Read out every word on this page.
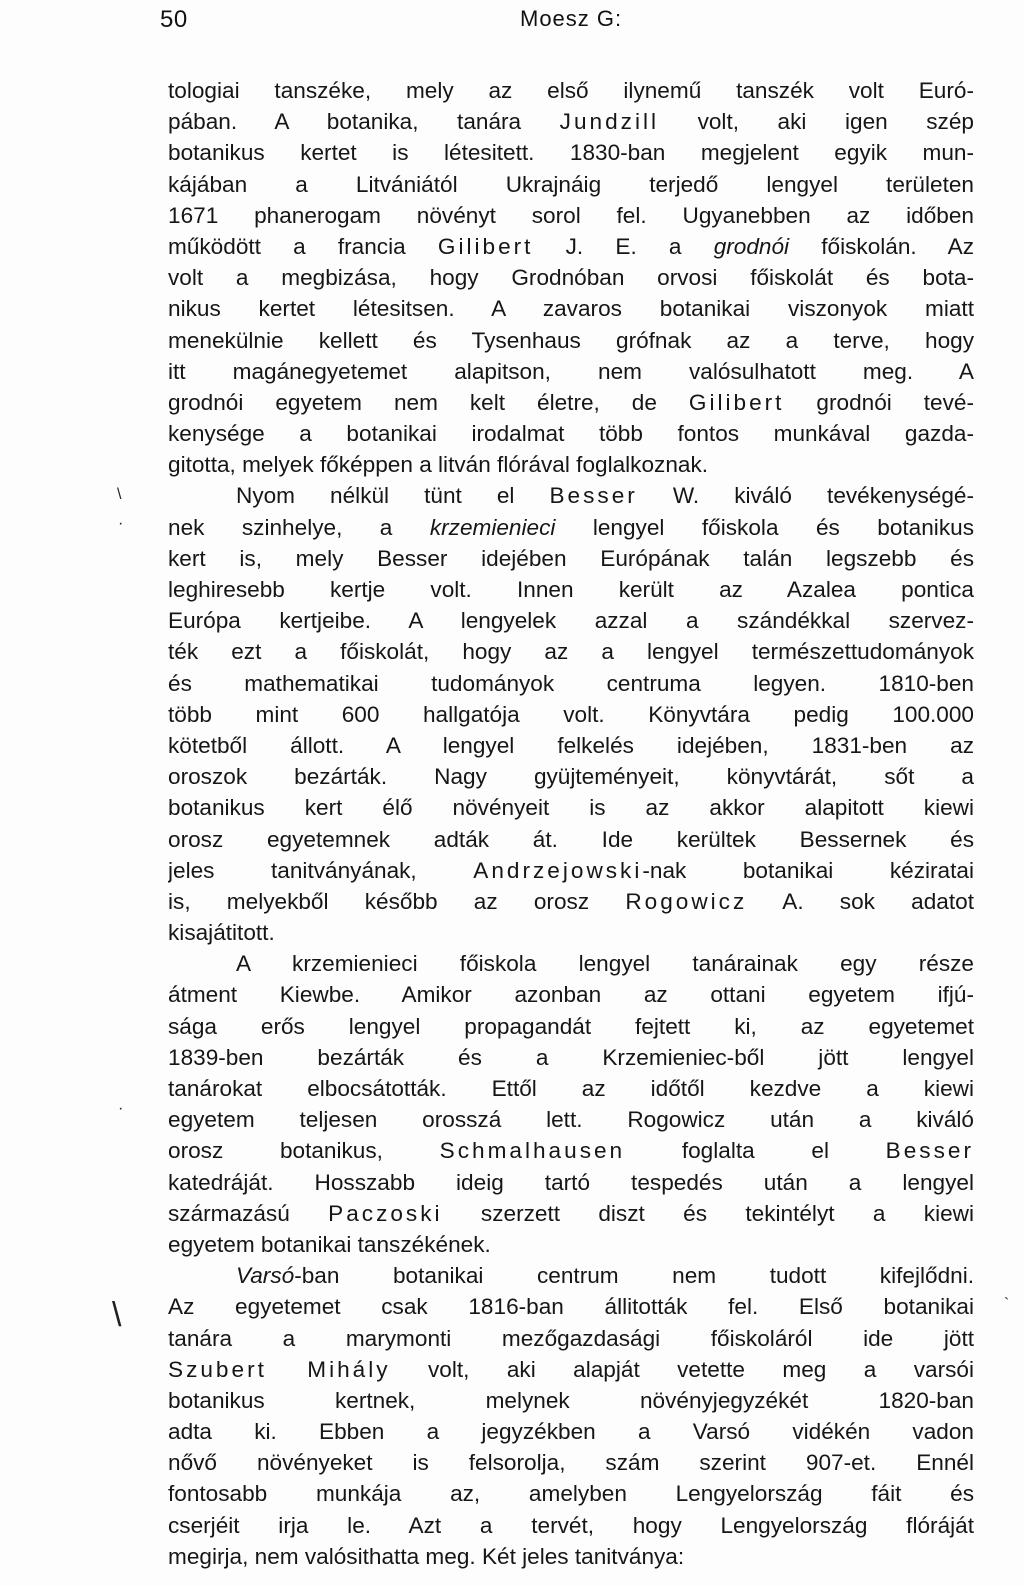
50	Moesz G:
tologiai tanszéke, mely az első ilynemű tanszék volt Euró-
pában. A botanika, tanára Jundzill volt, aki igen szép
botanikus kertet is létesitett. 1830-ban megjelent egyik mun-
kájában a Litvániától Ukrajnáig terjedő lengyel területen
1671 phanerogam növényt sorol fel. Ugyanebben az időben
működött a francia Gilibert J. E. a grodnói főiskolán. Az
volt a megbizása, hogy Grodnóban orvosi főiskolát és bota-
nikus kertet létesitsen. A zavaros botanikai viszonyok miatt
menekülnie kellett és Tysenhaus grófnak az a terve, hogy
itt magánegyetemet alapitson, nem valósulhatott meg. A
grodnói egyetem nem kelt életre, de Gilibert grodnói tevé-
kenysége a botanikai irodalmat több fontos munkával gazda-
gitotta, melyek főképpen a litván flórával foglalkoznak.
Nyom nélkül tünt el Besser W. kiváló tevékenységé-
nek szinhelye, a krzemienieci lengyel főiskola és botanikus
kert is, mely Besser idejében Európának talán legszebb és
leghiresebb kertje volt. Innen került az Azalea pontica
Európa kertjeibe. A lengyelek azzal a szándékkal szervez-
ték ezt a főiskolát, hogy az a lengyel természettudományok
és mathematikai tudományok centruma legyen. 1810-ben
több mint 600 hallgatója volt. Könyvtára pedig 100.000
kötetből állott. A lengyel felkelés idejében, 1831-ben az
oroszok bezárták. Nagy gyüjteményeit, könyvtárát, sőt a
botanikus kert élő növényeit is az akkor alapitott kiewi
orosz egyetemnek adták át. Ide kerültek Bessernek és
jeles tanitványának, Andrzejowski-nak botanikai kéziratai
is, melyekből később az orosz Rogowicz A. sok adatot
kisajátitott.
A krzemienieci főiskola lengyel tanárainak egy része
átment Kiewbe. Amikor azonban az ottani egyetem ifjú-
sága erős lengyel propagandát fejtett ki, az egyetemet
1839-ben bezárták és a Krzemieniec-ből jött lengyel
tanárokat elbocsátották. Ettől az időtől kezdve a kiewi
egyetem teljesen orosszá lett. Rogowicz után a kiváló
orosz botanikus, Schmalhausen foglalta el Besser
katedráját. Hosszabb ideig tartó tespedés után a lengyel
származású Paczoski szerzett diszt és tekintélyt a kiewi
egyetem botanikai tanszékének.
Varsó-ban botanikai centrum nem tudott kifejlődni.
Az egyetemet csak 1816-ban állitották fel. Első botanikai
tanára a marymonti mezőgazdasági főiskoláról ide jött
Szubert Mihály volt, aki alapját vetette meg a varsói
botanikus kertnek, melynek növényjegyzékét 1820-ban
adta ki. Ebben a jegyzékben a Varsó vidékén vadon
nővő növényeket is felsorolja, szám szerint 907-et. Ennél
fontosabb munkája az, amelyben Lengyelország fáit és
cserjéit irja le. Azt a tervét, hogy Lengyelország flóráját
megirja, nem valósithatta meg. Két jeles tanitványa:
\
·
·
\	`
